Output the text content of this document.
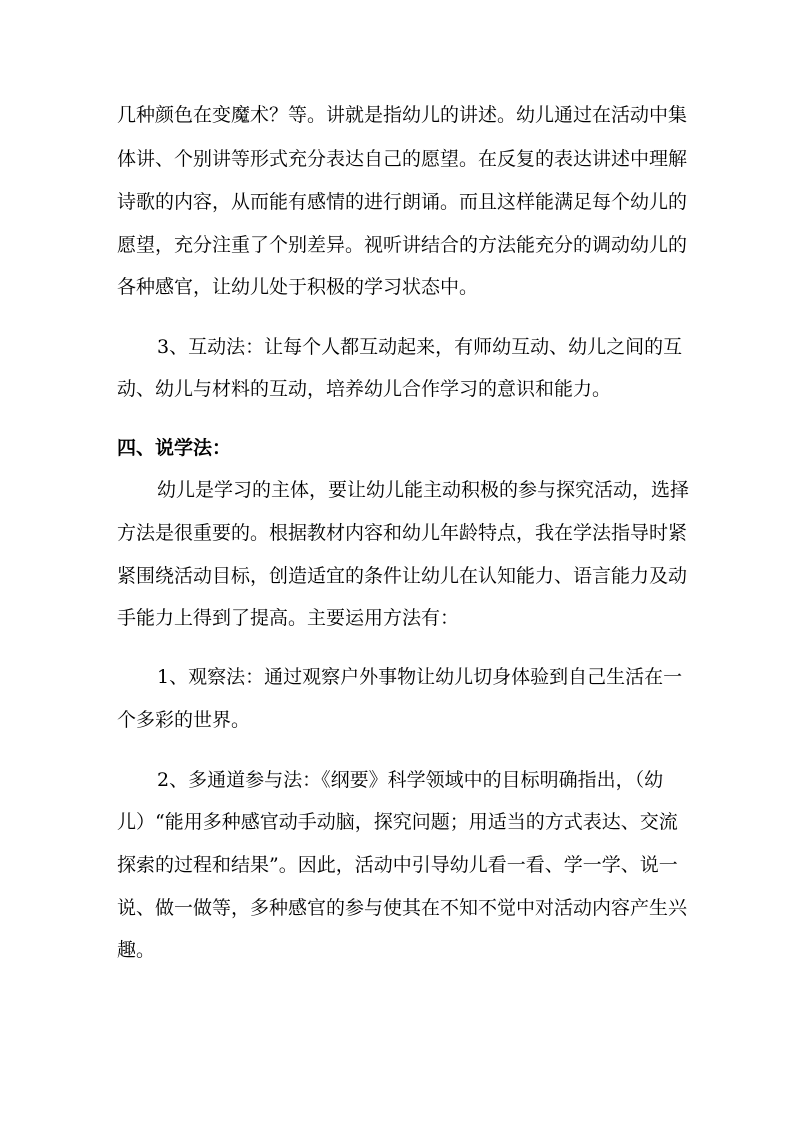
几种颜色在变魔术？等。讲就是指幼儿的讲述。幼儿通过在活动中集
体讲、个别讲等形式充分表达自己的愿望。在反复的表达讲述中理解
诗歌的内容，从而能有感情的进行朗诵。而且这样能满足每个幼儿的
愿望，充分注重了个别差异。视听讲结合的方法能充分的调动幼儿的
各种感官，让幼儿处于积极的学习状态中。
3、互动法：让每个人都互动起来，有师幼互动、幼儿之间的互
动、幼儿与材料的互动，培养幼儿合作学习的意识和能力。
四、说学法：
幼儿是学习的主体，要让幼儿能主动积极的参与探究活动，选择
方法是很重要的。根据教材内容和幼儿年龄特点，我在学法指导时紧
紧围绕活动目标，创造适宜的条件让幼儿在认知能力、语言能力及动
手能力上得到了提高。主要运用方法有：
1、观察法：通过观察户外事物让幼儿切身体验到自己生活在一
个多彩的世界。
2、多通道参与法：《纲要》科学领域中的目标明确指出，（幼
儿）“能用多种感官动手动脑，探究问题；用适当的方式表达、交流
探索的过程和结果”。因此，活动中引导幼儿看一看、学一学、说一
说、做一做等，多种感官的参与使其在不知不觉中对活动内容产生兴
趣。
